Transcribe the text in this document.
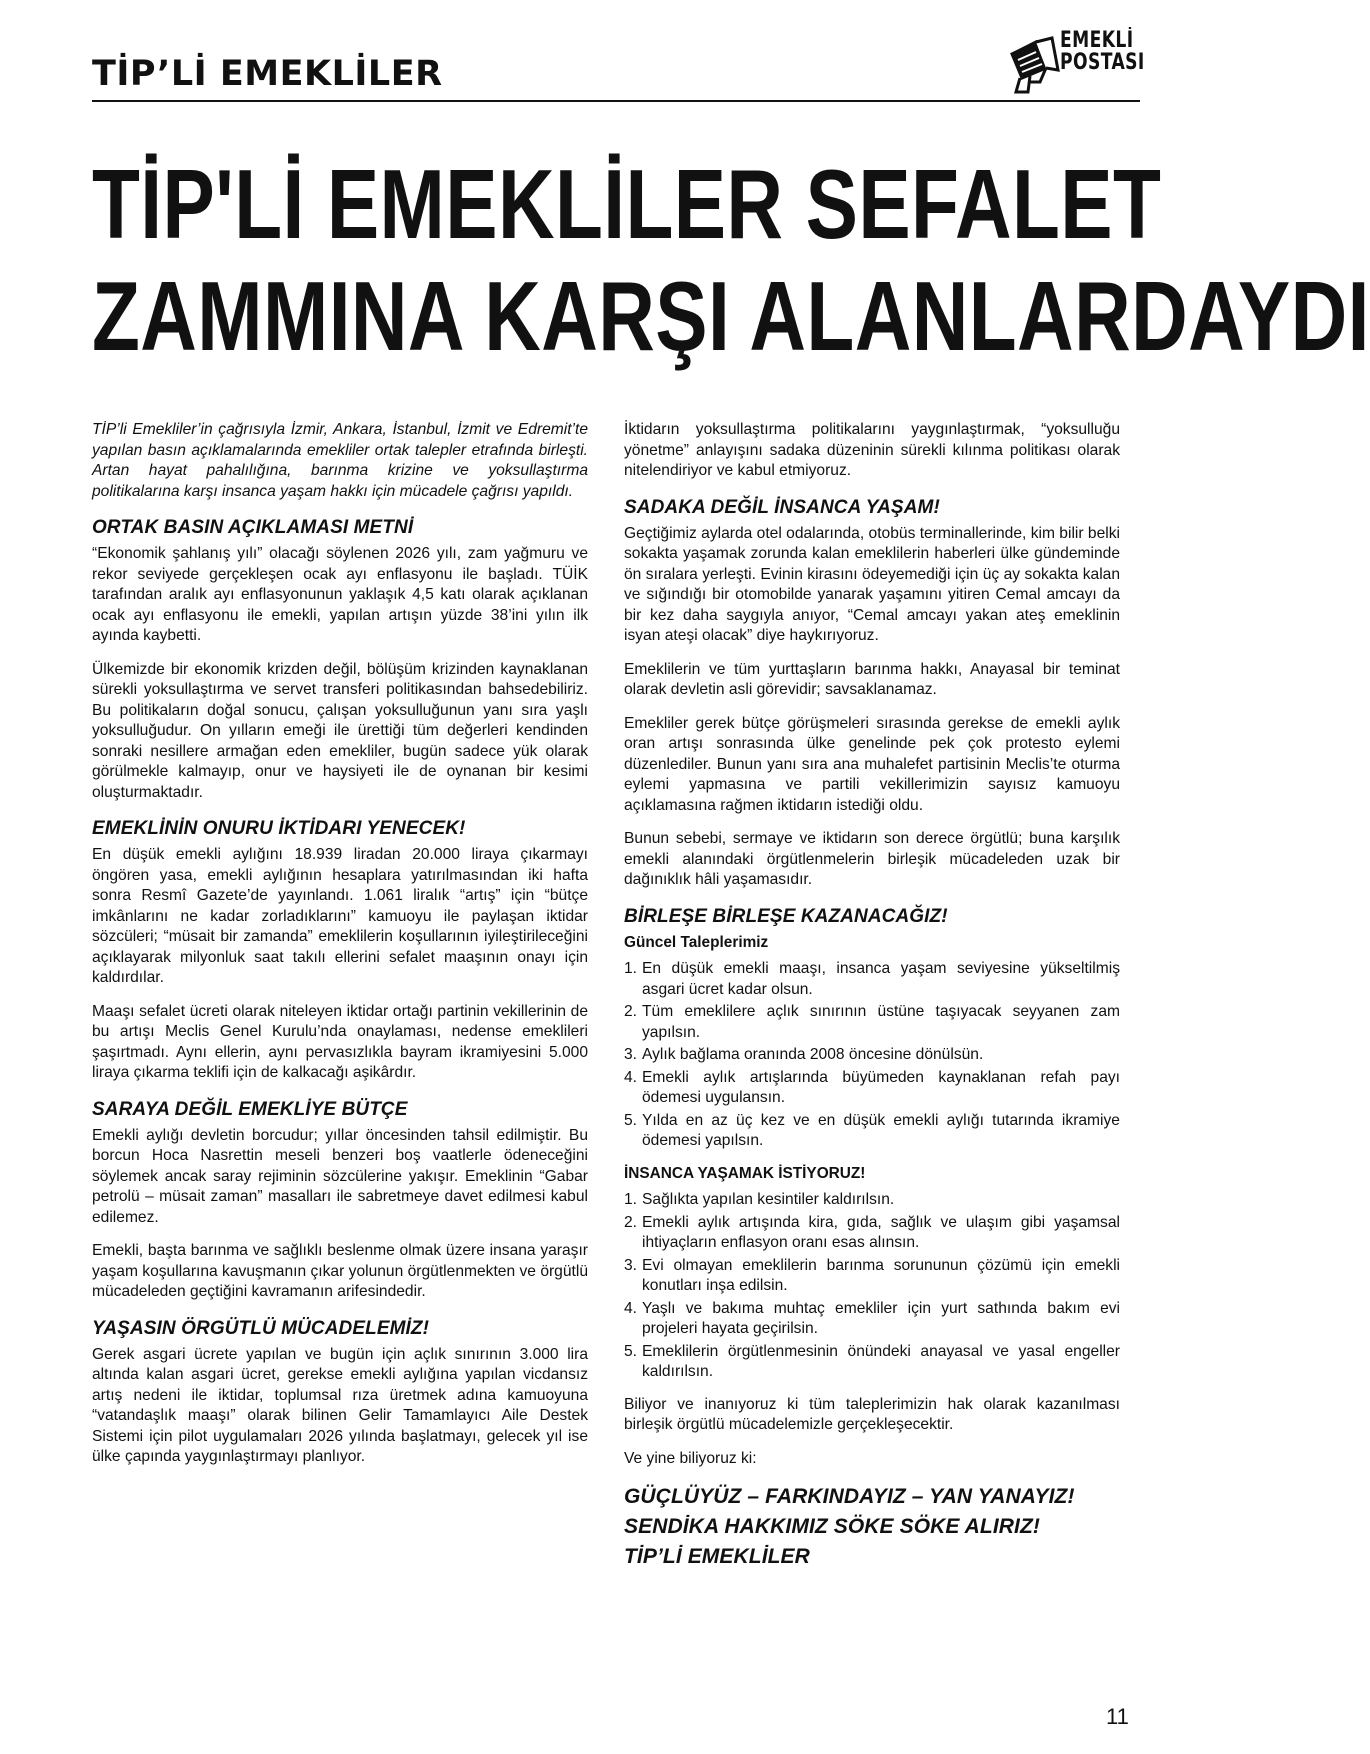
TİP’Lİ EMEKLİLER
EMEKLİ
POSTASI
TİP'Lİ EMEKLİLER SEFALET
ZAMMINA KARŞI ALANLARDAYDI

TİP’li Emekliler’in çağrısıyla İzmir, Ankara, İstanbul, İzmit ve Edremit’te yapılan basın açıklamalarında emekliler ortak talepler etrafında birleşti. Artan hayat pahalılığına, barınma krizine ve yoksullaştırma politikalarına karşı insanca yaşam hakkı için mücadele çağrısı yapıldı.

ORTAK BASIN AÇIKLAMASI METNİ

“Ekonomik şahlanış yılı” olacağı söylenen 2026 yılı, zam yağmuru ve rekor seviyede gerçekleşen ocak ayı enflasyonu ile başladı. TÜİK tarafından aralık ayı enflasyonunun yaklaşık 4,5 katı olarak açıklanan ocak ayı enflasyonu ile emekli, yapılan artışın yüzde 38’ini yılın ilk ayında kaybetti.

Ülkemizde bir ekonomik krizden değil, bölüşüm krizinden kaynaklanan sürekli yoksullaştırma ve servet transferi politikasından bahsedebiliriz. Bu politikaların doğal sonucu, çalışan yoksulluğunun yanı sıra yaşlı yoksulluğudur. On yılların emeği ile ürettiği tüm değerleri kendinden sonraki nesillere armağan eden emekliler, bugün sadece yük olarak görülmekle kalmayıp, onur ve haysiyeti ile de oynanan bir kesimi oluşturmaktadır.

EMEKLİNİN ONURU İKTİDARI YENECEK!

En düşük emekli aylığını 18.939 liradan 20.000 liraya çıkarmayı öngören yasa, emekli aylığının hesaplara yatırılmasından iki hafta sonra Resmî Gazete’de yayınlandı. 1.061 liralık “artış” için “bütçe imkânlarını ne kadar zorladıklarını” kamuoyu ile paylaşan iktidar sözcüleri; “müsait bir zamanda” emeklilerin koşullarının iyileştirileceğini açıklayarak milyonluk saat takılı ellerini sefalet maaşının onayı için kaldırdılar.

Maaşı sefalet ücreti olarak niteleyen iktidar ortağı partinin vekillerinin de bu artışı Meclis Genel Kurulu’nda onaylaması, nedense emeklileri şaşırtmadı. Aynı ellerin, aynı pervasızlıkla bayram ikramiyesini 5.000 liraya çıkarma teklifi için de kalkacağı aşikârdır.

SARAYA DEĞİL EMEKLİYE BÜTÇE

Emekli aylığı devletin borcudur; yıllar öncesinden tahsil edilmiştir. Bu borcun Hoca Nasrettin meseli benzeri boş vaatlerle ödeneceğini söylemek ancak saray rejiminin sözcülerine yakışır. Emeklinin “Gabar petrolü – müsait zaman” masalları ile sabretmeye davet edilmesi kabul edilemez.

Emekli, başta barınma ve sağlıklı beslenme olmak üzere insana yaraşır yaşam koşullarına kavuşmanın çıkar yolunun örgütlenmekten ve örgütlü mücadeleden geçtiğini kavramanın arifesindedir.

YAŞASIN ÖRGÜTLÜ MÜCADELEMİZ!

Gerek asgari ücrete yapılan ve bugün için açlık sınırının 3.000 lira altında kalan asgari ücret, gerekse emekli aylığına yapılan vicdansız artış nedeni ile iktidar, toplumsal rıza üretmek adına kamuoyuna “vatandaşlık maaşı” olarak bilinen Gelir Tamamlayıcı Aile Destek Sistemi için pilot uygulamaları 2026 yılında başlatmayı, gelecek yıl ise ülke çapında yaygınlaştırmayı planlıyor.

İktidarın yoksullaştırma politikalarını yaygınlaştırmak, “yoksulluğu yönetme” anlayışını sadaka düzeninin sürekli kılınma politikası olarak nitelendiriyor ve kabul etmiyoruz.

SADAKA DEĞİL İNSANCA YAŞAM!

Geçtiğimiz aylarda otel odalarında, otobüs terminallerinde, kim bilir belki sokakta yaşamak zorunda kalan emeklilerin haberleri ülke gündeminde ön sıralara yerleşti. Evinin kirasını ödeyemediği için üç ay sokakta kalan ve sığındığı bir otomobilde yanarak yaşamını yitiren Cemal amcayı da bir kez daha saygıyla anıyor, “Cemal amcayı yakan ateş emeklinin isyan ateşi olacak” diye haykırıyoruz.

Emeklilerin ve tüm yurttaşların barınma hakkı, Anayasal bir teminat olarak devletin asli görevidir; savsaklanamaz.

Emekliler gerek bütçe görüşmeleri sırasında gerekse de emekli aylık oran artışı sonrasında ülke genelinde pek çok protesto eylemi düzenlediler. Bunun yanı sıra ana muhalefet partisinin Meclis’te oturma eylemi yapmasına ve partili vekillerimizin sayısız kamuoyu açıklamasına rağmen iktidarın istediği oldu.

Bunun sebebi, sermaye ve iktidarın son derece örgütlü; buna karşılık emekli alanındaki örgütlenmelerin birleşik mücadeleden uzak bir dağınıklık hâli yaşamasıdır.

BİRLEŞE BİRLEŞE KAZANACAĞIZ!
Güncel Taleplerimiz
1. En düşük emekli maaşı, insanca yaşam seviyesine yükseltilmiş asgari ücret kadar olsun.
2. Tüm emeklilere açlık sınırının üstüne taşıyacak seyyanen zam yapılsın.
3. Aylık bağlama oranında 2008 öncesine dönülsün.
4. Emekli aylık artışlarında büyümeden kaynaklanan refah payı ödemesi uygulansın.
5. Yılda en az üç kez ve en düşük emekli aylığı tutarında ikramiye ödemesi yapılsın.
İNSANCA YAŞAMAK İSTİYORUZ!
1. Sağlıkta yapılan kesintiler kaldırılsın.
2. Emekli aylık artışında kira, gıda, sağlık ve ulaşım gibi yaşamsal ihtiyaçların enflasyon oranı esas alınsın.
3. Evi olmayan emeklilerin barınma sorununun çözümü için emekli konutları inşa edilsin.
4. Yaşlı ve bakıma muhtaç emekliler için yurt sathında bakım evi projeleri hayata geçirilsin.
5. Emeklilerin örgütlenmesinin önündeki anayasal ve yasal engeller kaldırılsın.

Biliyor ve inanıyoruz ki tüm taleplerimizin hak olarak kazanılması birleşik örgütlü mücadelemizle gerçekleşecektir.

Ve yine biliyoruz ki:

GÜÇLÜYÜZ – FARKINDAYIZ – YAN YANAYIZ!
SENDİKA HAKKIMIZ SÖKE SÖKE ALIRIZ!
TİP’Lİ EMEKLİLER
11
